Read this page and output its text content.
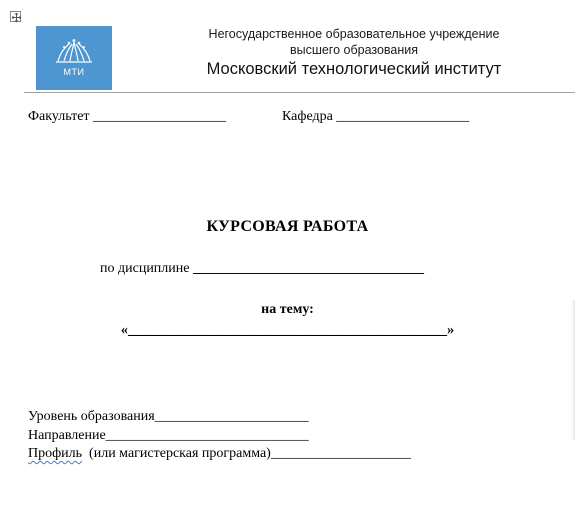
МТИ
Негосударственное образовательное учреждение
высшего образования
Московский технологический институт
Факультет ___________________	Кафедра ___________________
КУРСОВАЯ РАБОТА
по дисциплине _________________________________
на тему:
«____________________________________________»
Уровень образования______________________
Направление_____________________________
Профиль  (или магистерская программа)____________________
